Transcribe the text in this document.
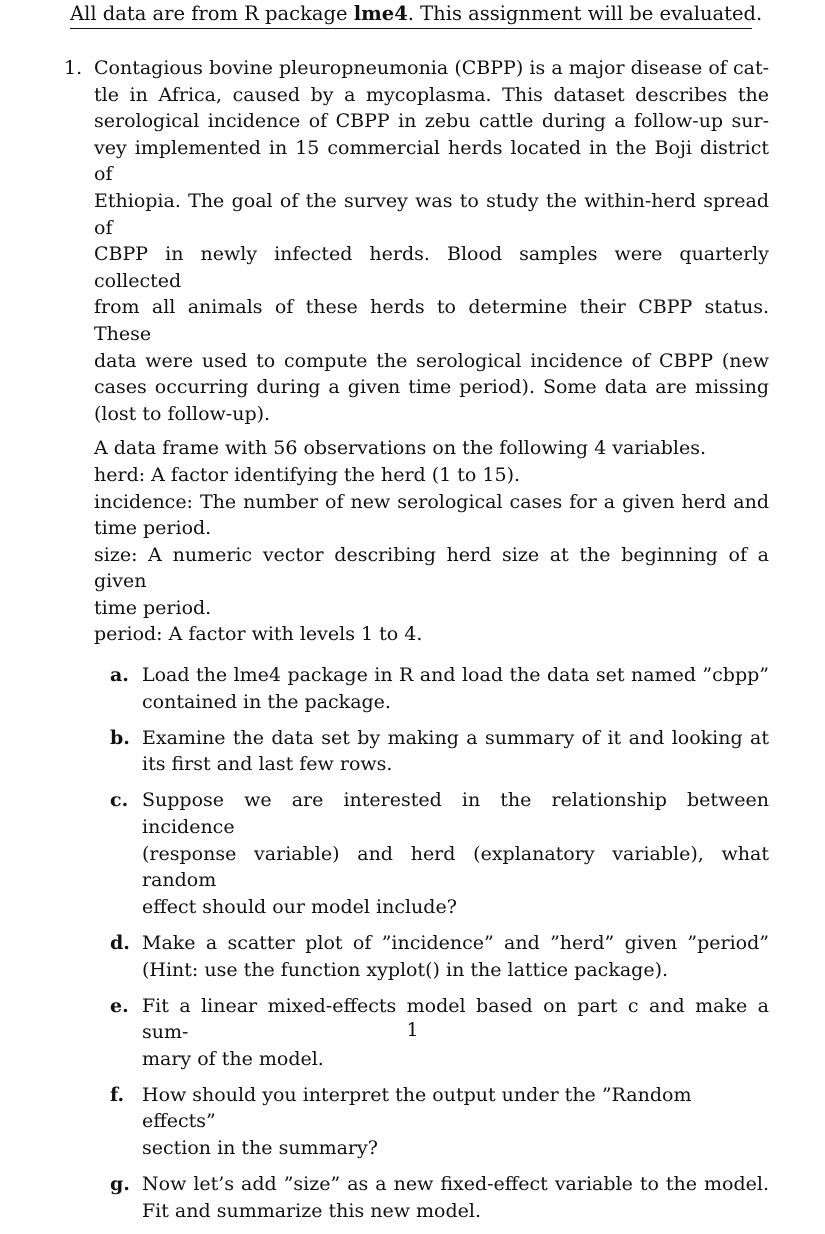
All data are from R package lme4. This assignment will be evaluated.
1. Contagious bovine pleuropneumonia (CBPP) is a major disease of cat-
tle in Africa, caused by a mycoplasma. This dataset describes the
serological incidence of CBPP in zebu cattle during a follow-up sur-
vey implemented in 15 commercial herds located in the Boji district of
Ethiopia. The goal of the survey was to study the within-herd spread of
CBPP in newly infected herds. Blood samples were quarterly collected
from all animals of these herds to determine their CBPP status. These
data were used to compute the serological incidence of CBPP (new
cases occurring during a given time period). Some data are missing
(lost to follow-up).
A data frame with 56 observations on the following 4 variables.
herd: A factor identifying the herd (1 to 15).
incidence: The number of new serological cases for a given herd and
time period.
size: A numeric vector describing herd size at the beginning of a given
time period.
period: A factor with levels 1 to 4.
a. Load the lme4 package in R and load the data set named ”cbpp”
contained in the package.
b. Examine the data set by making a summary of it and looking at
its first and last few rows.
c. Suppose we are interested in the relationship between incidence
(response variable) and herd (explanatory variable), what random
effect should our model include?
d. Make a scatter plot of ”incidence” and ”herd” given ”period”
(Hint: use the function xyplot() in the lattice package).
e. Fit a linear mixed-effects model based on part c and make a sum-
mary of the model.
f. How should you interpret the output under the ”Random effects”
section in the summary?
g. Now let’s add ”size” as a new fixed-effect variable to the model.
Fit and summarize this new model.
1
